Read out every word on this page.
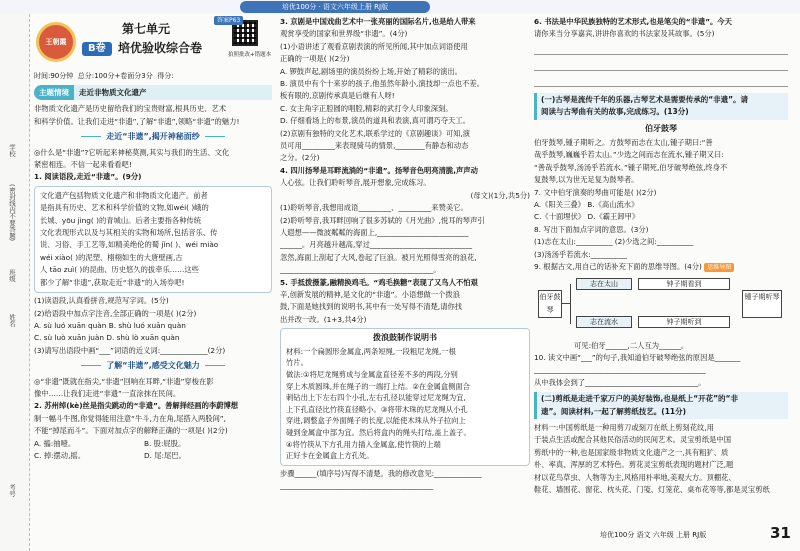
培优100分 · 语文六年级上册 RJ版
学校
(密封线内不要答题)
班级
姓名
考号
王朝霞
第七单元
B卷	培优验收综合卷	拍照批改+错题本
答案P63
时间:90分钟 总分:100分+卷面分3分 得分:
主题情境	走近非物质文化遗产
非物质文化遗产是历史留给我们的宝贵财富,根具历史、艺术
和科学价值。让我们走进“非遗”,了解“非遗”,领略“非遗”的魅力!
走近“非遗”,揭开神秘面纱
◎什么是“非遗”?它听起来神秘莫测,其实与我们的生活、文化
紧密相连。不信一起来看看吧!
1. 阅读语段,走近“非遗”。(9分)
文化遗产包括物质文化遗产和非物质文化遗产。前者
是指具有历史、艺术和科学价值的文物,如wéi( )峨的
长城、yōu jìng( )的青城山。后者主要指各种传统
文化表现形式以及与其相关的实物和场所,包括音乐、传
说、习俗、手工艺等,如精美绝伦的蜀 jǐn( )、wéi miào
wéi xiào( )的泥塑、栩栩如生的大唐壁画,古
人 tāo zuì( )的昆曲、历史悠久的拔牵乐……这些
都少了解“非遗”,获取走近“非遗”的入场券吧!
(1)读语段,认真看拼音,规范写字词。(5分)
(2)给语段中加点字注音,全部正确的一项是( )(2分)
A. sù luó xuān quàn B. shù luó xuān quàn
C. sù luò xuān juàn D. shù lò xuān quàn
(3)请写出语段中画“___”词语的近义词:_____________(2分)
了解“非遗”,感受文化魅力
◎“非遗”既就在指尖,“非遗”回响在耳畔,“非遗”穿梭在影
像中……让我们走进“非遗”一直涂抹在民间。
2. 苏州绰(kè)丝是指尖跳动的“非遗”。善解择经画的李蔚博想
制一幅斗牛图,你觉得能用注意“牛斗,力在角,尾搭入两股间”,
不能“掉尾而斗”。下面对加点字的解释正确的一项是( )(2分)
A. 搐:抽噎。	B. 股:屁股。
C. 掉:摆动,摇。	D. 尾:尾巴。
3. 京剧是中国戏曲艺术中一张亮丽的国际名片,也是给人带来
观赏享受的国家和世界级“非遗”。(4分)
(1)小语讲述了观看京剧表演的所见所闻,其中加点词语使用
正确的一项是( )(2分)
A. 锣鼓声起,剧场里的演员纷纷上场,开始了精彩的演出。
B. 演员中有个十来岁的孩子,他虽然年龄小,演技却一点也不差。
板有眼的,京剧传承真是后继有人呀!
C. 女主角字正腔圆的唱腔,精彩的武打令人印象深刻。
D. 仔细看场上的布景,演员的道具和表演,真可谓巧夺天工。
(2)京剧有独特的文化艺术,联系学过的《京剧趣谈》可知,演
员可用_________来表现骑马的情景,________有静态和动态
之分。(2分)
4. 四川扬琴是耳畔流淌的“非遗”。扬琴音色明亮清脆,声声动
人心弦。让我们聆听琴音,展开想象,完成练习。
(母文)(1分,共5分)
(1)聆听琴音,我想用成语_________、_________来赞美它。
(2)聆听琴音,我耳畔回响了很多苏轼的《月光曲》,悦耳的琴声引
人遐想——微波粼粼的海面上,_________________________
______。月亮越升越高,穿过____________________________
忽然,海面上刮起了大风,卷起了巨浪。被月光照得雪亮的浪花,
__________________________________________。
5. 手抵拨摄篆,融精换鸡毛。“鸡毛换糖”表现了又鸟人不怕艰
辛,创新发展的精神,是文化的“非遗”。小语想做一个拨浪
鼓,下面是她找到的说明书,其中有一处写得不清楚,请你找
出并改一改。(1+3,共4分)
拨浪鼓制作说明书
材料:一个扁圆形金属盒,两条短绳,一段粗尼龙绳,一根
竹片。
做法:①将尼龙绳剪成与金属盒直径差不多的两段,分别
穿上木质圆珠,并在绳子的一端打上结。②在金属盒侧面合
刺钻出上下左右四个小孔,左右孔径以能穿过尼龙绳为宜,
上下孔直径比竹筷直径略小。③将带木珠的尼龙绳从小孔
穿进,调整盒子外面绳子的长度,以能使木珠从外子拉向上
碰到金属盒中部为宜。然后将盒内的绳头打结,盖上盖子。
④将竹筷从下方孔用力插入金属盒,使竹筷的上端
正好卡在金属盒上方孔处。
步骤______(填序号)写得不清楚。我的修改意见:_____________
__________________________________________
6. 书法是中华民族独特的艺术形式,也是笔尖的“非遗”。今天
请你来当分享嘉宾,讲讲你喜欢的书法家及其故事。(5分)
(一)古琴是流传千年的乐器,古琴艺术是需要传承的“非遗”。请
阅读与古琴曲有关的故事,完成练习。(13分)
伯牙鼓琴
伯牙鼓琴,锺子期听之。方鼓琴而志在太山,锺子期曰:“善
哉乎鼓琴,巍巍乎若太山。”少选之间而志在流水,锺子期又曰:
“善哉乎鼓琴,汤汤乎若流水。”锺子期死,伯牙破琴绝弦,终身不
复鼓琴,以为世无足复为鼓琴者。
7. 文中伯牙演奏的琴曲可能是( )(2分)
A.《阳关三叠》 B.《高山流水》
C.《十面埋伏》 D.《霸王卸甲》
8. 写出下面加点字词的意思。(3分)
(1)志在太山:__________ (2)少选之间:__________
(3)汤汤乎若流水:__________
9. 根据古文,用自己的话补充下面的思维导图。(4分) 思维导图
伯牙鼓琴
志在太山	钟子期看到
志在流水	钟子期听到
锺子期听琴
可见:伯牙______,二人互为______。
10. 读文中画“___”的句子,我知道伯牙破琴绝弦的原因是_______
_______________________________________________
从中我体会到了_______________________________。
(二)剪纸是走进千家万户的美好装饰,也是纸上“开花”的“非
遗”。阅读材料,一起了解剪纸技艺。(11分)
材料一:中国剪纸是一种用剪刀或刻刀在纸上剪刻花纹,用
于装点生活或配合其他民俗活动的民间艺术。灵宝剪纸是中国
剪纸中的一种,也是国家级非物质文化遗产之一,具有粗犷、质
朴、率真、浑厚的艺术特色。剪花灵宝剪纸表现的题材广泛,题
材以花鸟草虫、人物等为主,风格用朴率地,美观大方。顶棚花、
鞋花、墙围花、窗花、枕头花、门笺、灯笼花、桌布花等等,都是灵宝剪纸
培优100分 语文 六年级 上册 RJ版	31
